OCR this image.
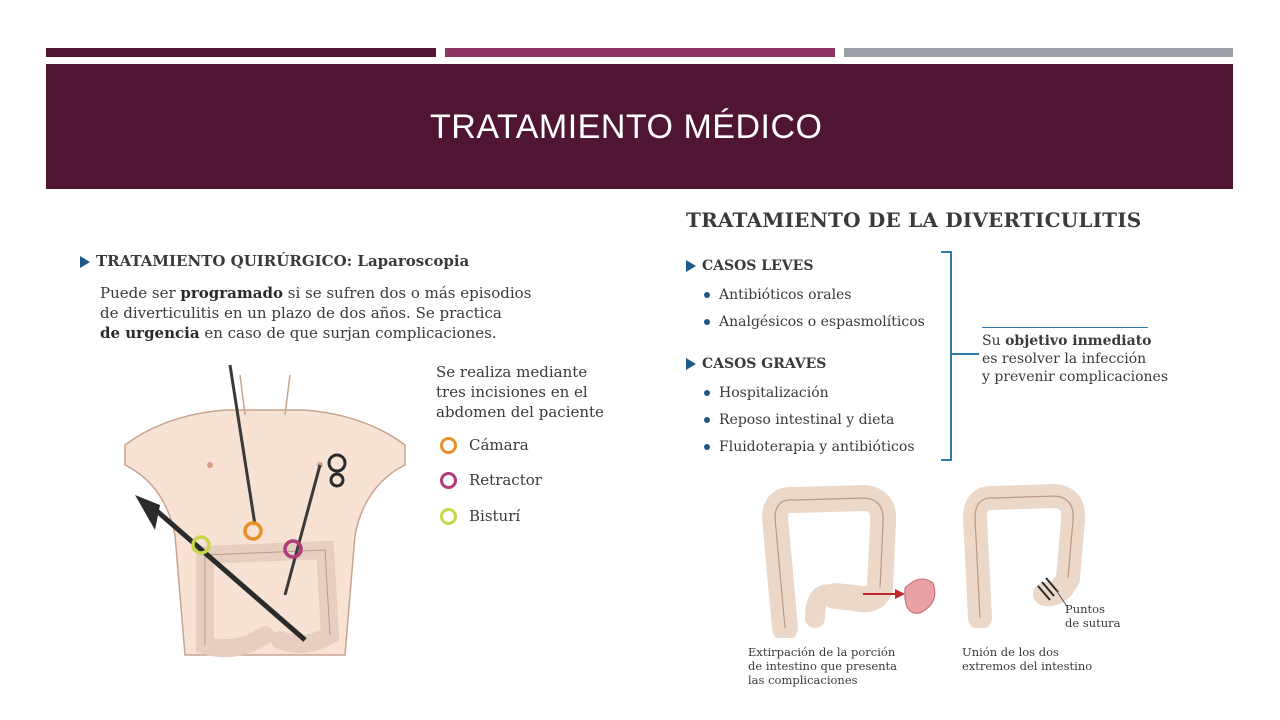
TRATAMIENTO MÉDICO
TRATAMIENTO QUIRÚRGICO: Laparoscopia
Puede ser programado si se sufren dos o más episodios
de diverticulitis en un plazo de dos años. Se practica
de urgencia en caso de que surjan complicaciones.
Se realiza mediante
tres incisiones en el
abdomen del paciente
Cámara
Retractor
Bisturí
TRATAMIENTO DE LA DIVERTICULITIS
CASOS LEVES
Antibióticos orales
Analgésicos o espasmolíticos
CASOS GRAVES
Hospitalización
Reposo intestinal y dieta
Fluidoterapia y antibióticos
Su objetivo inmediato
es resolver la infección
y prevenir complicaciones
Puntos
de sutura
Extirpación de la porción
de intestino que presenta
las complicaciones
Unión de los dos
extremos del intestino
